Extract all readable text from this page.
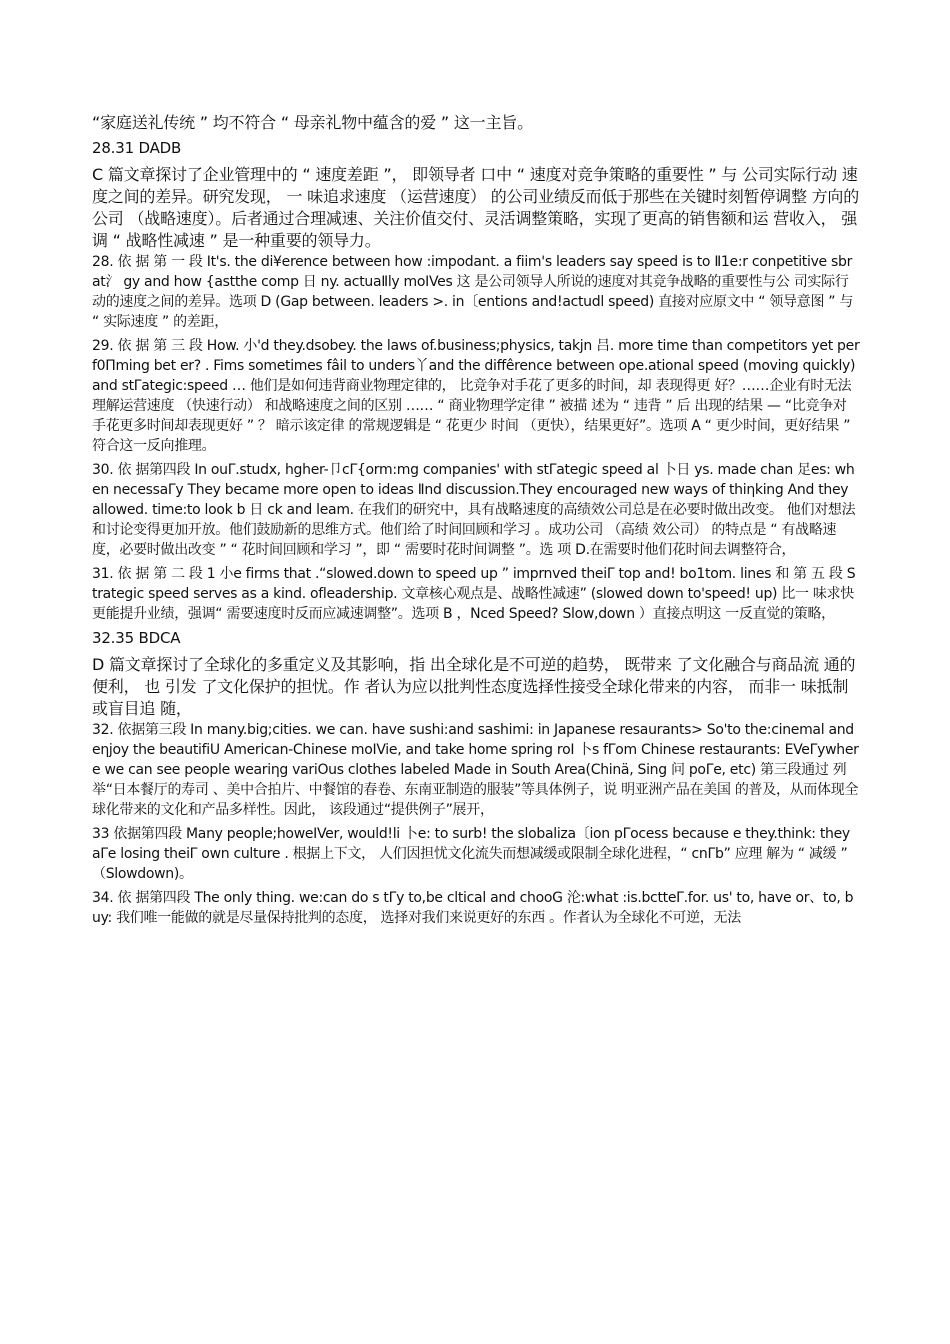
“家庭送礼传统 ” 均不符合 “ 母亲礼物中蕴含的爱 ” 这一主旨。

28.31 DADB

C 篇文章探讨了企业管理中的 “ 速度差距 ”， 即领导者 口中 “ 速度对竞争策略的重要性 ” 与 公司实际行动 速度之间的差异。研究发现， 一 味追求速度 （运营速度） 的公司业绩反而低于那些在关键时刻暂停调整 方向的公司 （战略速度）。后者通过合理减速、关注价值交付、灵活调整策略，实现了更高的销售额和运 营收入， 强调 “ 战略性减速 ” 是一种重要的领导力。

28. 依 据 第 一 段 It's. the di¥erence between how :impodant. a fiim's leaders say speed is to Ⅱ1e:r conpetitive sbrat氵 gy and how {astthe comp 日 ny. actuaⅡly moIVes 这 是公司领导人所说的速度对其竞争战略的重要性与公 司实际行动的速度之间的差异。选项 D (Gap between. leaders >. in〔entions and!actudl speed) 直接对应原文中 “ 领导意图 ” 与 “ 实际速度 ” 的差距，

29. 依 据 第 三 段 How. 小'd they.dsobey. the laws of.business;physics, takjn 吕. more time than competitors yet perf0Πming bet er? . Fims sometimes fâil to unders丫and the diffêrence between ope.ational speed (moving quickly)and stΓategic:speed … 他们是如何违背商业物理定律的， 比竞争对手花了更多的时间，却 表现得更 好？……企业有时无法理解运营速度 （快速行动） 和战略速度之间的区别 …… “ 商业物理学定律 ” 被描 述为 “ 违背 ” 后 出现的结果 — “比竞争对手花更多时间却表现更好 ” ？ 暗示该定律 的常规逻辑是 “ 花更少 时间 （更快），结果更好”。选项 A “ 更少时间，更好结果 ” 符合这一反向推理。

30. 依 据第四段 In ouΓ.studx, hgher-卩cΓ{orm:mg companies' with stΓategic speed al 卜日 ys. made chan 足es: when necessaΓy They became more open to ideas Ⅱnd discussion.They encouraged new ways of thiηking And they allowed. time:to look b 日 ck and leam. 在我们的研究中，具有战略速度的高绩效公司总是在必要时做出改变。 他们对想法和讨论变得更加开放。他们鼓励新的思维方式。他们给了时间回顾和学习 。成功公司 （高绩 效公司） 的特点是 “ 有战略速度，必要时做出改变 ” “ 花时间回顾和学习 ”，即 “ 需要时花时间调整 ”。选 项 D.在需要时他们花时间去调整符合，

31. 依 据 第 二 段 1 小e firms that .“slowed.down to speed up ” imprnved theiΓ top and! bo1tom. lines 和 第 五 段 Strategic speed serves as a kind. ofleadership. 文章核心观点是、战略性减速” (slowed down to'speed! up) 比一 味求快更能提升业绩，强调“ 需要速度时反而应减速调整”。选项 B ，Nced Speed? Slow,down ）直接点明这 一反直觉的策略，

32.35 BDCA

D 篇文章探讨了全球化的多重定义及其影响，指 出全球化是不可逆的趋势， 既带来 了文化融合与商品流 通的便利， 也 引发 了文化保护的担忧。作 者认为应以批判性态度选择性接受全球化带来的内容， 而非一 味抵制或盲目追 随，

32. 依据第三段 In many.big;cities. we can. have sushi:and sashimi: in Japanese resaurants> So'to the:cinemal and eηjoy the beautifiU American-Chinese moIVie, and take home spring roI 卜s fΓom Chinese restaurants: EVeΓywhere we can see people weariηg variOus clothes labeled Made in South Area(Chinä, Sing 问 poΓe, etc) 第三段通过 列 举“日本餐厅的寿司 、美中合拍片、中餐馆的春卷、东南亚制造的服装”等具体例子，说 明亚洲产品在美国 的普及，从而体现全球化带来的文化和产品多样性。因此， 该段通过“提供例子”展开，

33 依据第四段 Many people;howeIVer, would!li 卜e: to surb! the slobaliza〔ion pΓocess because e they.think: they aΓe losing theiΓ own culture . 根据上下文， 人们因担忧文化流失而想减缓或限制全球化进程，“ cnΓb” 应理 解为 “ 减缓 ” （Slowdown)。

34. 依 据第四段 The only thing. we:can do s tΓy to,be cltical and chooG 沦:what :is.bctteΓ.for. us' to, have or、to, buy: 我们唯一能做的就是尽量保持批判的态度， 选择对我们来说更好的东西 。作者认为全球化不可逆，无法
